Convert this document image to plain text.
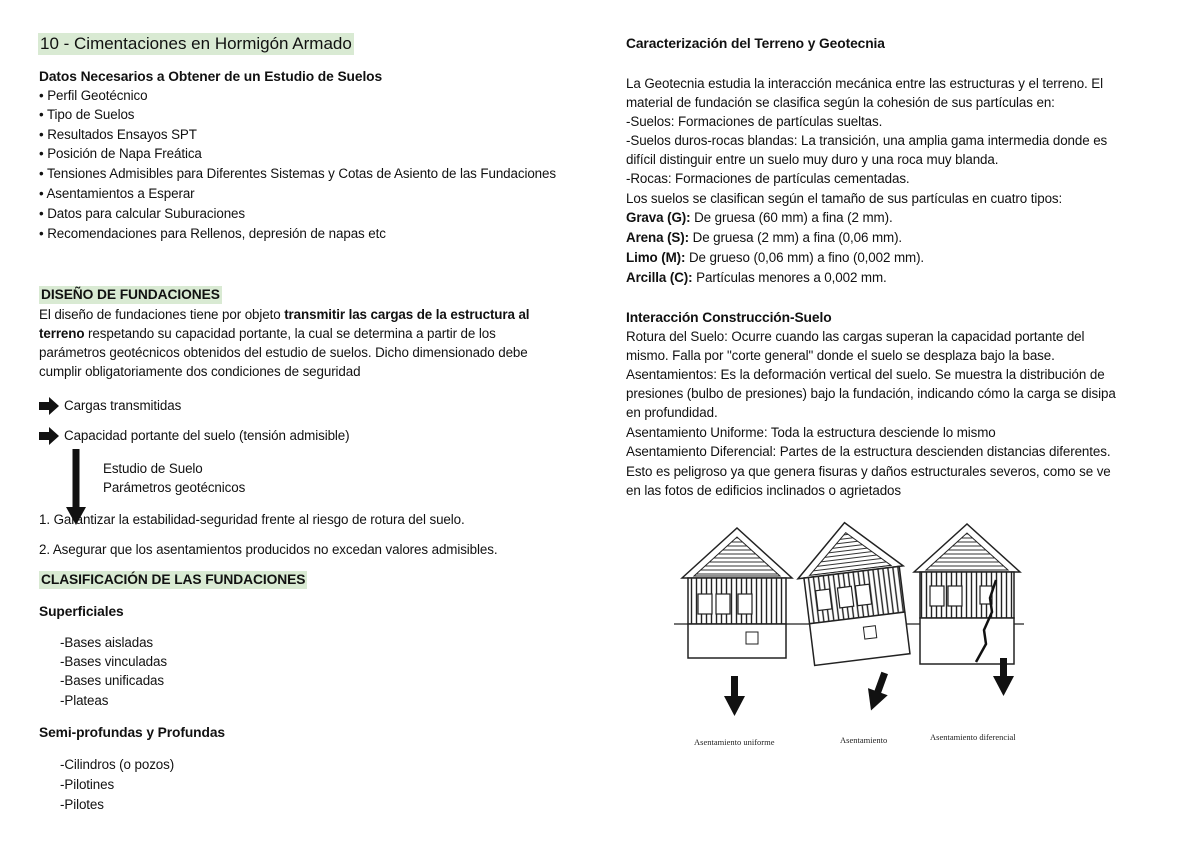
10 - Cimentaciones en Hormigón Armado
Datos Necesarios a Obtener de un Estudio de Suelos
• Perfil Geotécnico
• Tipo de Suelos
• Resultados Ensayos SPT
• Posición de Napa Freática
• Tensiones Admisibles para Diferentes Sistemas y Cotas de Asiento de las Fundaciones
• Asentamientos a Esperar
• Datos para calcular Suburaciones
• Recomendaciones para Rellenos, depresión de napas etc
DISEÑO DE FUNDACIONES
El diseño de fundaciones tiene por objeto transmitir las cargas de la estructura al
terreno respetando su capacidad portante, la cual se determina a partir de los
parámetros geotécnicos obtenidos del estudio de suelos. Dicho dimensionado debe
cumplir obligatoriamente dos condiciones de seguridad
Cargas transmitidas
Capacidad portante del suelo (tensión admisible)
Estudio de Suelo
Parámetros geotécnicos
1. Garantizar la estabilidad-seguridad frente al riesgo de rotura del suelo.
2. Asegurar que los asentamientos producidos no excedan valores admisibles.
CLASIFICACIÓN DE LAS FUNDACIONES
Superficiales
-Bases aisladas
-Bases vinculadas
-Bases unificadas
-Plateas
Semi-profundas y Profundas
-Cilindros (o pozos)
-Pilotines
-Pilotes
Caracterización del Terreno y Geotecnia
La Geotecnia estudia la interacción mecánica entre las estructuras y el terreno. El
material de fundación se clasifica según la cohesión de sus partículas en:
-Suelos: Formaciones de partículas sueltas.
-Suelos duros-rocas blandas: La transición, una amplia gama intermedia donde es
difícil distinguir entre un suelo muy duro y una roca muy blanda.
-Rocas: Formaciones de partículas cementadas.
Los suelos se clasifican según el tamaño de sus partículas en cuatro tipos:
Grava (G): De gruesa (60 mm) a fina (2 mm).
Arena (S): De gruesa (2 mm) a fina (0,06 mm).
Limo (M): De grueso (0,06 mm) a fino (0,002 mm).
Arcilla (C): Partículas menores a 0,002 mm.
Interacción Construcción-Suelo
Rotura del Suelo: Ocurre cuando las cargas superan la capacidad portante del
mismo. Falla por "corte general" donde el suelo se desplaza bajo la base.
Asentamientos: Es la deformación vertical del suelo. Se muestra la distribución de
presiones (bulbo de presiones) bajo la fundación, indicando cómo la carga se disipa
en profundidad.
Asentamiento Uniforme: Toda la estructura desciende lo mismo
Asentamiento Diferencial: Partes de la estructura descienden distancias diferentes.
Esto es peligroso ya que genera fisuras y daños estructurales severos, como se ve
en las fotos de edificios inclinados o agrietados
Asentamiento uniforme	Asentamiento	Asentamiento diferencial
